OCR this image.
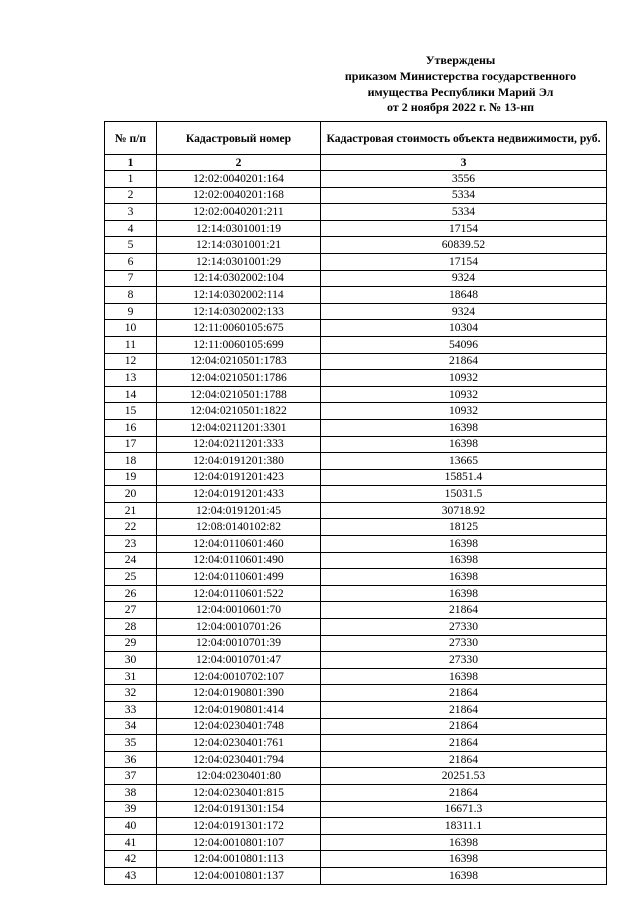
Утверждены
приказом Министерства государственного
имущества Республики Марий Эл
от 2 ноября 2022 г. № 13-нп
№ п/п	Кадастровый номер	Кадастровая стоимость объекта недвижимости, руб.
1	2	3
1	12:02:0040201:164	3556
2	12:02:0040201:168	5334
3	12:02:0040201:211	5334
4	12:14:0301001:19	17154
5	12:14:0301001:21	60839.52
6	12:14:0301001:29	17154
7	12:14:0302002:104	9324
8	12:14:0302002:114	18648
9	12:14:0302002:133	9324
10	12:11:0060105:675	10304
11	12:11:0060105:699	54096
12	12:04:0210501:1783	21864
13	12:04:0210501:1786	10932
14	12:04:0210501:1788	10932
15	12:04:0210501:1822	10932
16	12:04:0211201:3301	16398
17	12:04:0211201:333	16398
18	12:04:0191201:380	13665
19	12:04:0191201:423	15851.4
20	12:04:0191201:433	15031.5
21	12:04:0191201:45	30718.92
22	12:08:0140102:82	18125
23	12:04:0110601:460	16398
24	12:04:0110601:490	16398
25	12:04:0110601:499	16398
26	12:04:0110601:522	16398
27	12:04:0010601:70	21864
28	12:04:0010701:26	27330
29	12:04:0010701:39	27330
30	12:04:0010701:47	27330
31	12:04:0010702:107	16398
32	12:04:0190801:390	21864
33	12:04:0190801:414	21864
34	12:04:0230401:748	21864
35	12:04:0230401:761	21864
36	12:04:0230401:794	21864
37	12:04:0230401:80	20251.53
38	12:04:0230401:815	21864
39	12:04:0191301:154	16671.3
40	12:04:0191301:172	18311.1
41	12:04:0010801:107	16398
42	12:04:0010801:113	16398
43	12:04:0010801:137	16398
